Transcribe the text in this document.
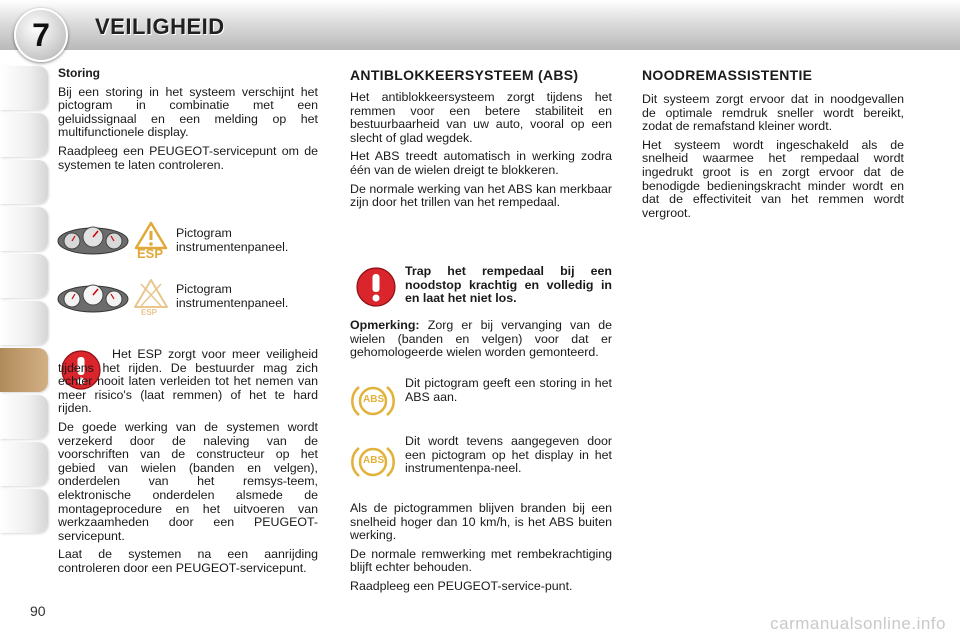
7	VEILIGHEID
Storing

Bij een storing in het systeem verschijnt het pictogram in combinatie met een geluidssignaal en een melding op het multifunctionele display.

Raadpleeg een PEUGEOT-servicepunt om de systemen te laten controleren.

ESP
Pictogram instrumentenpaneel.
ESP
Pictogram instrumentenpaneel.

Het ESP zorgt voor meer veiligheid tijdens het rijden. De bestuurder mag zich echter nooit laten verleiden tot het nemen van meer risico's (laat remmen) of het te hard rijden.

De goede werking van de systemen wordt verzekerd door de naleving van de voorschriften van de constructeur op het gebied van wielen (banden en velgen), onderdelen van het remsys-teem, elektronische onderdelen alsmede de montageprocedure en het uitvoeren van werkzaamheden door een PEUGEOT-servicepunt.

Laat de systemen na een aanrijding controleren door een PEUGEOT-servicepunt.

ANTIBLOKKEERSYSTEEM (ABS)

Het antiblokkeersysteem zorgt tijdens het remmen voor een betere stabiliteit en bestuurbaarheid van uw auto, vooral op een slecht of glad wegdek.

Het ABS treedt automatisch in werking zodra één van de wielen dreigt te blokkeren.

De normale werking van het ABS kan merkbaar zijn door het trillen van het rempedaal.

Trap het rempedaal bij een noodstop krachtig en volledig in en laat het niet los.

Opmerking: Zorg er bij vervanging van de wielen (banden en velgen) voor dat er gehomologeerde wielen worden gemonteerd.

ABS

Dit pictogram geeft een storing in het ABS aan.

ABS

Dit wordt tevens aangegeven door een pictogram op het display in het instrumentenpa-neel.

Als de pictogrammen blijven branden bij een snelheid hoger dan 10 km/h, is het ABS buiten werking.

De normale remwerking met rembekrachtiging blijft echter behouden.

Raadpleeg een PEUGEOT-service-punt.

NOODREMASSISTENTIE

Dit systeem zorgt ervoor dat in noodgevallen de optimale remdruk sneller wordt bereikt, zodat de remafstand kleiner wordt.

Het systeem wordt ingeschakeld als de snelheid waarmee het rempedaal wordt ingedrukt groot is en zorgt ervoor dat de benodigde bedieningskracht minder wordt en dat de effectiviteit van het remmen wordt vergroot.

90
carmanualsonline.info
